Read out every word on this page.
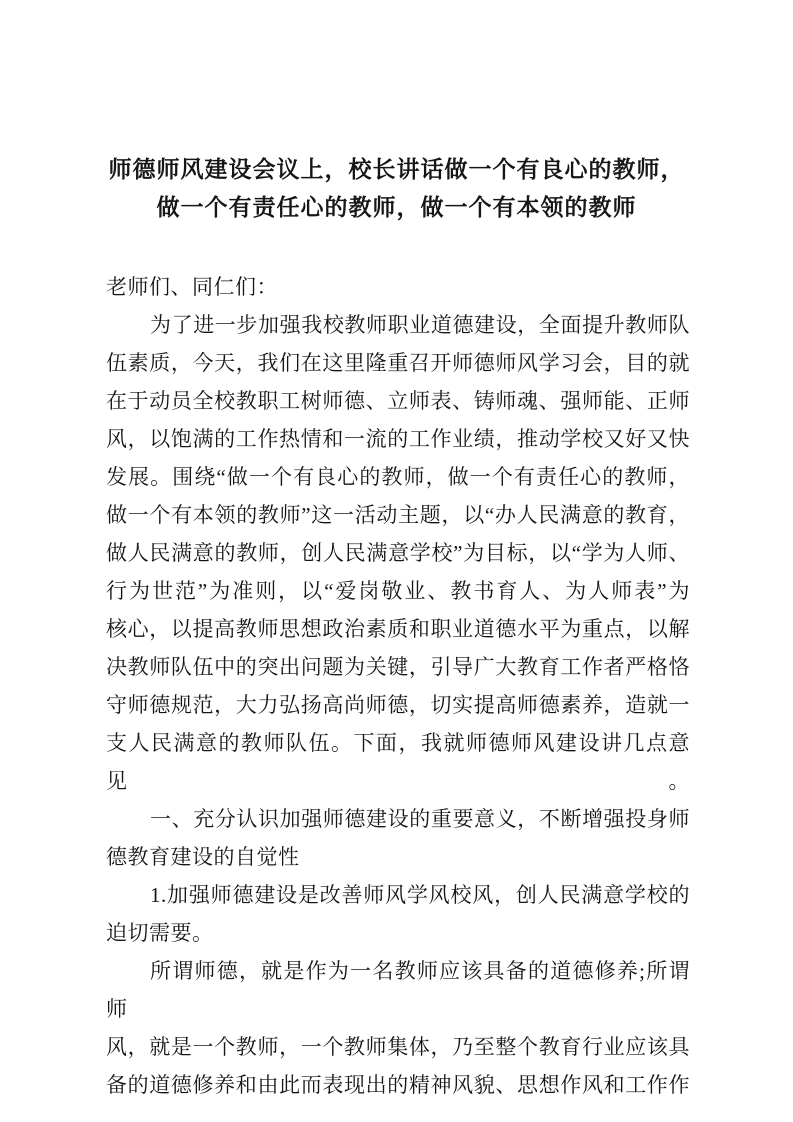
师德师风建设会议上，校长讲话做一个有良心的教师，
做一个有责任心的教师，做一个有本领的教师
老师们、同仁们：
为了进一步加强我校教师职业道德建设，全面提升教师队
伍素质，今天，我们在这里隆重召开师德师风学习会，目的就
在于动员全校教职工树师德、立师表、铸师魂、强师能、正师
风，以饱满的工作热情和一流的工作业绩，推动学校又好又快
发展。围绕“做一个有良心的教师，做一个有责任心的教师，
做一个有本领的教师”这一活动主题，以“办人民满意的教育，
做人民满意的教师，创人民满意学校”为目标，以“学为人师、
行为世范”为准则，以“爱岗敬业、教书育人、为人师表”为
核心，以提高教师思想政治素质和职业道德水平为重点，以解
决教师队伍中的突出问题为关键，引导广大教育工作者严格恪
守师德规范，大力弘扬高尚师德，切实提高师德素养，造就一
支人民满意的教师队伍。下面，我就师德师风建设讲几点意见。
一、充分认识加强师德建设的重要意义，不断增强投身师
德教育建设的自觉性
1.加强师德建设是改善师风学风校风，创人民满意学校的
迫切需要。
所谓师德，就是作为一名教师应该具备的道德修养;所谓师
风，就是一个教师，一个教师集体，乃至整个教育行业应该具
备的道德修养和由此而表现出的精神风貌、思想作风和工作作
